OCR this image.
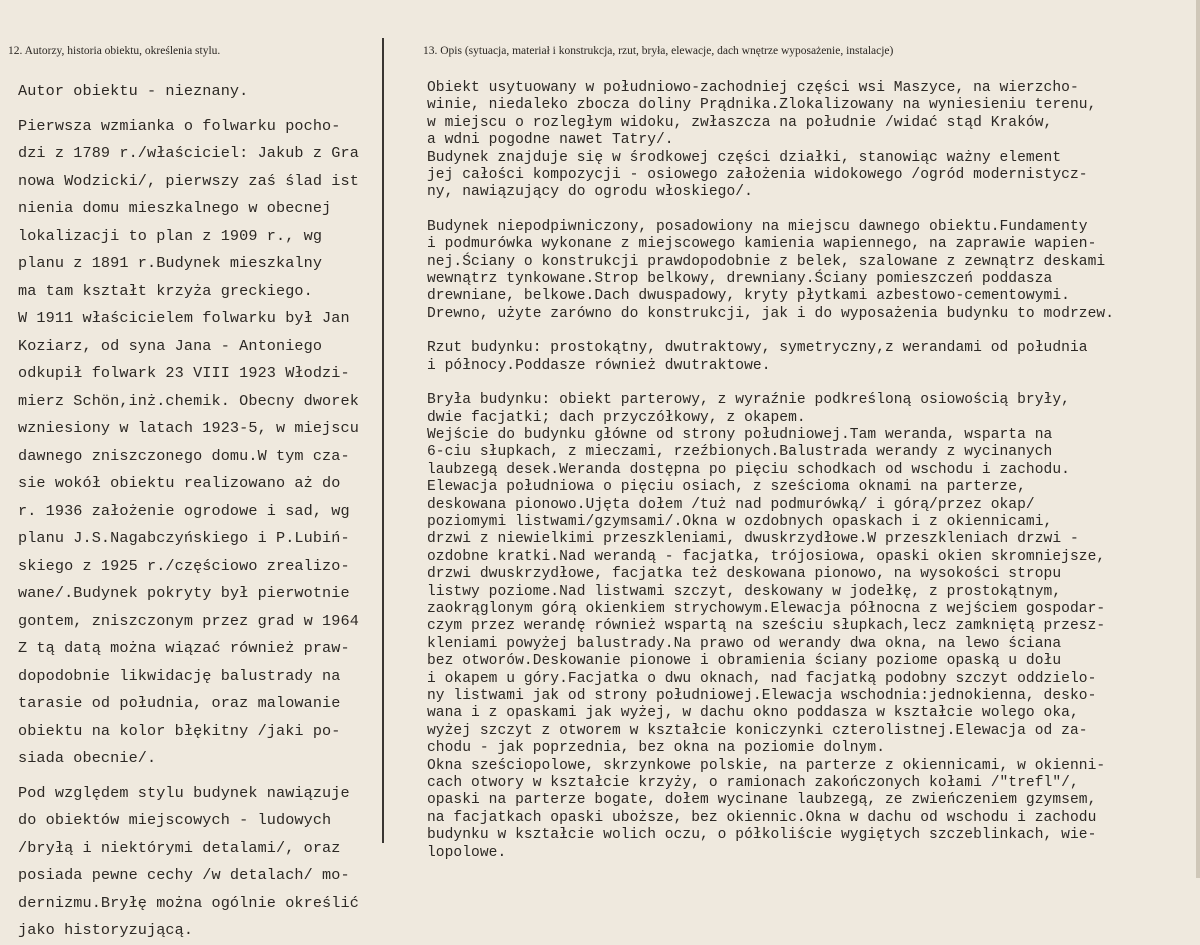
12. Autorzy, historia obiektu, określenia stylu.	13. Opis (sytuacja, materiał i konstrukcja, rzut, bryła, elewacje, dach wnętrze wyposażenie, instalacje)
Autor obiektu - nieznany.
Pierwsza wzmianka o folwarku pocho-
dzi z 1789 r./właściciel: Jakub z Gra
nowa Wodzicki/, pierwszy zaś ślad ist
nienia domu mieszkalnego w obecnej
lokalizacji to plan z 1909 r., wg
planu z 1891 r.Budynek mieszkalny
ma tam kształt krzyża greckiego.
W 1911 właścicielem folwarku był Jan
Koziarz, od syna Jana - Antoniego
odkupił folwark 23 VIII 1923 Włodzi-
mierz Schön,inż.chemik. Obecny dworek
wzniesiony w latach 1923-5, w miejscu
dawnego zniszczonego domu.W tym cza-
sie wokół obiektu realizowano aż do
r. 1936 założenie ogrodowe i sad, wg
planu J.S.Nagabczyńskiego i P.Lubiń-
skiego z 1925 r./częściowo zrealizo-
wane/.Budynek pokryty był pierwotnie
gontem, zniszczonym przez grad w 1964
Z tą datą można wiązać również praw-
dopodobnie likwidację balustrady na
tarasie od południa, oraz malowanie
obiektu na kolor błękitny /jaki po-
siada obecnie/.
Pod względem stylu budynek nawiązuje
do obiektów miejscowych - ludowych
/bryłą i niektórymi detalami/, oraz
posiada pewne cechy /w detalach/ mo-
dernizmu.Bryłę można ogólnie określić
jako historyzującą.
Obiekt usytuowany w południowo-zachodniej części wsi Maszyce, na wierzcho-
winie, niedaleko zbocza doliny Prądnika.Zlokalizowany na wyniesieniu terenu,
w miejscu o rozległym widoku, zwłaszcza na południe /widać stąd Kraków,
a wdni pogodne nawet Tatry/.
Budynek znajduje się w środkowej części działki, stanowiąc ważny element
jej całości kompozycji - osiowego założenia widokowego /ogród modernistycz-
ny, nawiązujący do ogrodu włoskiego/.
Budynek niepodpiwniczony, posadowiony na miejscu dawnego obiektu.Fundamenty
i podmurówka wykonane z miejscowego kamienia wapiennego, na zaprawie wapien-
nej.Ściany o konstrukcji prawdopodobnie z belek, szalowane z zewnątrz deskami
wewnątrz tynkowane.Strop belkowy, drewniany.Ściany pomieszczeń poddasza
drewniane, belkowe.Dach dwuspadowy, kryty płytkami azbestowo-cementowymi.
Drewno, użyte zarówno do konstrukcji, jak i do wyposażenia budynku to modrzew.
Rzut budynku: prostokątny, dwutraktowy, symetryczny,z werandami od południa
i północy.Poddasze również dwutraktowe.
Bryła budynku: obiekt parterowy, z wyraźnie podkreśloną osiowością bryły,
dwie facjatki; dach przyczółkowy, z okapem.
Wejście do budynku główne od strony południowej.Tam weranda, wsparta na
6-ciu słupkach, z mieczami, rzeźbionych.Balustrada werandy z wycinanych
laubzegą desek.Weranda dostępna po pięciu schodkach od wschodu i zachodu.
Elewacja południowa o pięciu osiach, z sześcioma oknami na parterze,
deskowana pionowo.Ujęta dołem /tuż nad podmurówką/ i górą/przez okap/
poziomymi listwami/gzymsami/.Okna w ozdobnych opaskach i z okiennicami,
drzwi z niewielkimi przeszkleniami, dwuskrzydłowe.W przeszkleniach drzwi -
ozdobne kratki.Nad werandą - facjatka, trójosiowa, opaski okien skromniejsze,
drzwi dwuskrzydłowe, facjatka też deskowana pionowo, na wysokości stropu
listwy poziome.Nad listwami szczyt, deskowany w jodełkę, z prostokątnym,
zaokrąglonym górą okienkiem strychowym.Elewacja północna z wejściem gospodar-
czym przez werandę również wspartą na sześciu słupkach,lecz zamkniętą przesz-
kleniami powyżej balustrady.Na prawo od werandy dwa okna, na lewo ściana
bez otworów.Deskowanie pionowe i obramienia ściany poziome opaską u dołu
i okapem u góry.Facjatka o dwu oknach, nad facjatką podobny szczyt oddzielo-
ny listwami jak od strony południowej.Elewacja wschodnia:jednokienna, desko-
wana i z opaskami jak wyżej, w dachu okno poddasza w kształcie wolego oka,
wyżej szczyt z otworem w kształcie koniczynki czterolistnej.Elewacja od za-
chodu - jak poprzednia, bez okna na poziomie dolnym.
Okna sześciopolowe, skrzynkowe polskie, na parterze z okiennicami, w okienni-
cach otwory w kształcie krzyży, o ramionach zakończonych kołami /"trefl"/,
opaski na parterze bogate, dołem wycinane laubzegą, ze zwieńczeniem gzymsem,
na facjatkach opaski uboższe, bez okiennic.Okna w dachu od wschodu i zachodu
budynku w kształcie wolich oczu, o półkoliście wygiętych szczeblinkach, wie-
lopolowe.
